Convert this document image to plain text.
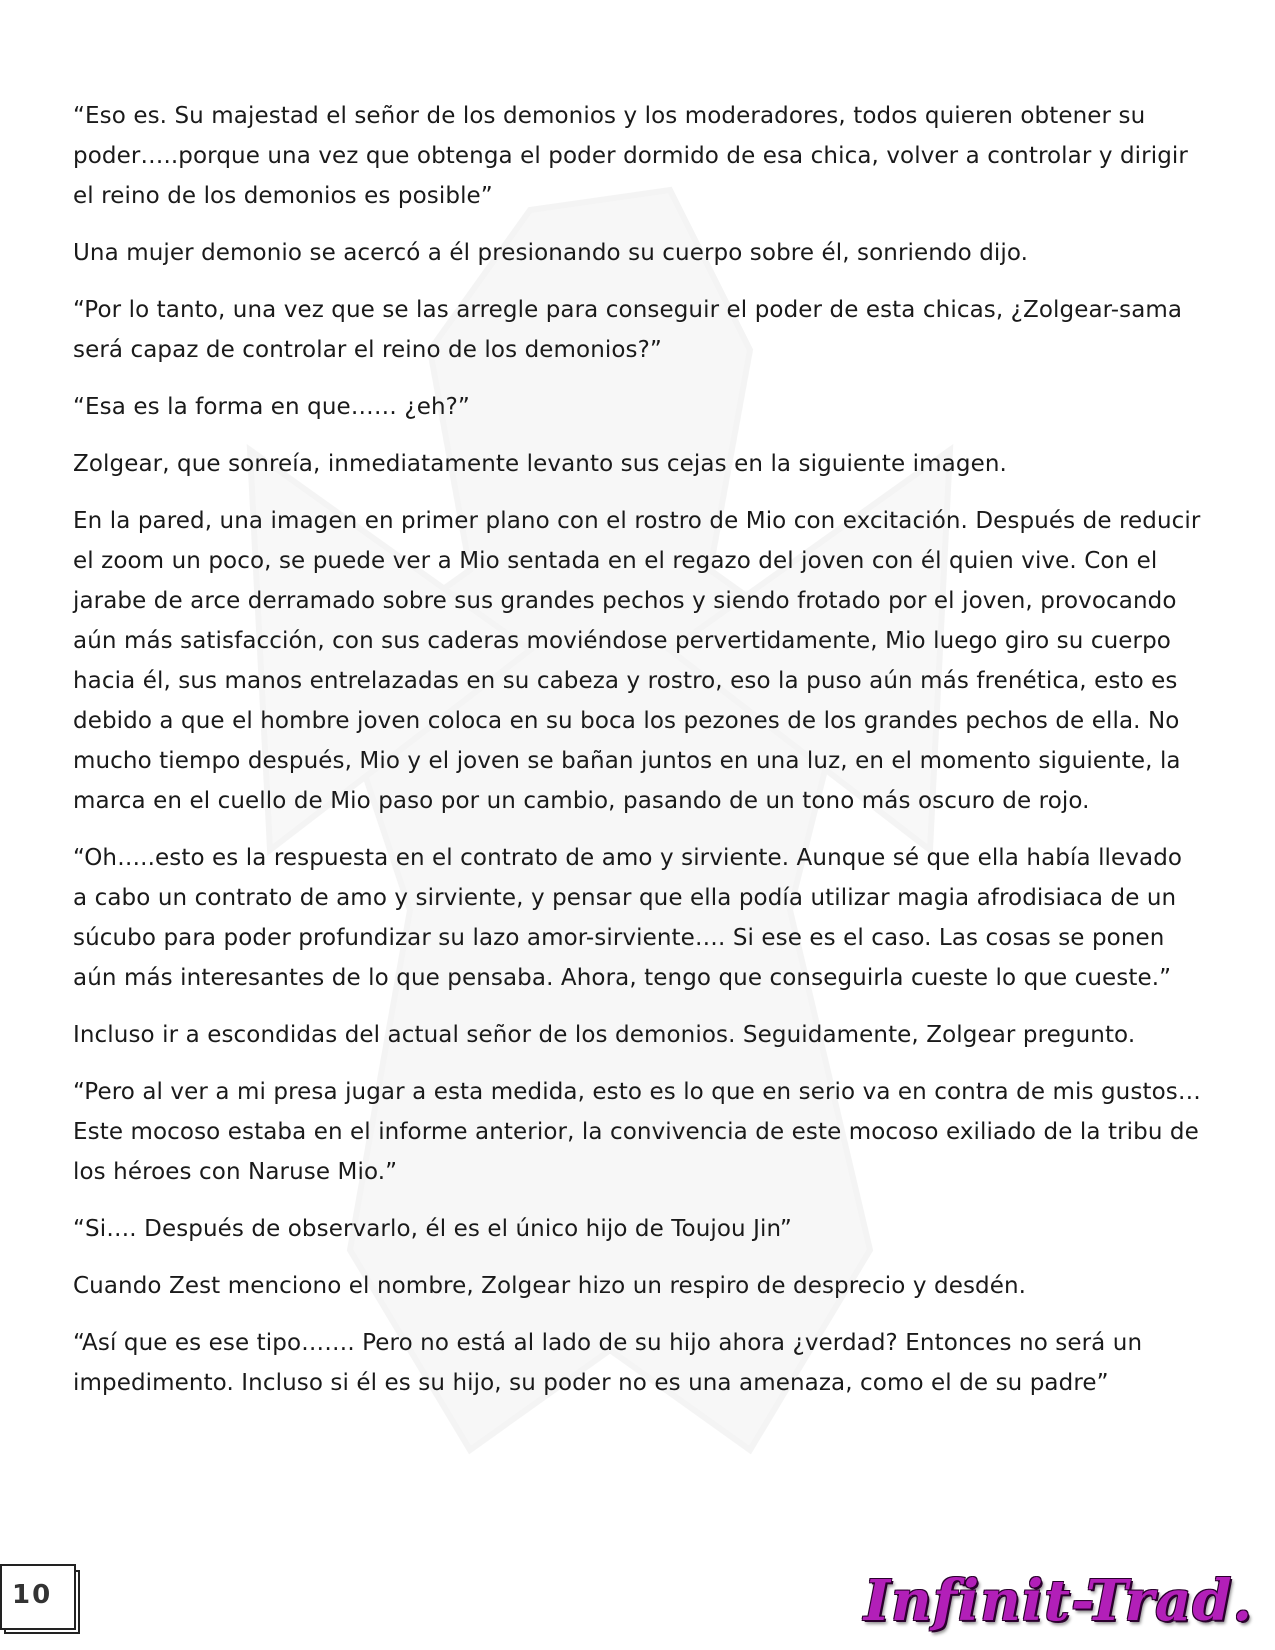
“Eso es. Su majestad el señor de los demonios y los moderadores, todos quieren obtener su poder…..porque una vez que obtenga el poder dormido de esa chica, volver a controlar y dirigir el reino de los demonios es posible”

Una mujer demonio se acercó a él presionando su cuerpo sobre él, sonriendo dijo.

“Por lo tanto, una vez que se las arregle para conseguir el poder de esta chicas, ¿Zolgear-sama será capaz de controlar el reino de los demonios?”

“Esa es la forma en que…… ¿eh?”

Zolgear, que sonreía, inmediatamente levanto sus cejas en la siguiente imagen.

En la pared, una imagen en primer plano con el rostro de Mio con excitación. Después de reducir el zoom un poco, se puede ver a Mio sentada en el regazo del joven con él quien vive. Con el jarabe de arce derramado sobre sus grandes pechos y siendo frotado por el joven, provocando aún más satisfacción, con sus caderas moviéndose pervertidamente, Mio luego giro su cuerpo hacia él, sus manos entrelazadas en su cabeza y rostro, eso la puso aún más frenética, esto es debido a que el hombre joven coloca en su boca los pezones de los grandes pechos de ella. No mucho tiempo después, Mio y el joven se bañan juntos en una luz, en el momento siguiente, la marca en el cuello de Mio paso por un cambio, pasando de un tono más oscuro de rojo.

“Oh…..esto es la respuesta en el contrato de amo y sirviente. Aunque sé que ella había llevado a cabo un contrato de amo y sirviente, y pensar que ella podía utilizar magia afrodisiaca de un súcubo para poder profundizar su lazo amor-sirviente…. Si ese es el caso. Las cosas se ponen aún más interesantes de lo que pensaba. Ahora, tengo que conseguirla cueste lo que cueste.”

Incluso ir a escondidas del actual señor de los demonios. Seguidamente, Zolgear pregunto.

“Pero al ver a mi presa jugar a esta medida, esto es lo que en serio va en contra de mis gustos… Este mocoso estaba en el informe anterior, la convivencia de este mocoso exiliado de la tribu de los héroes con Naruse Mio.”

“Si…. Después de observarlo, él es el único hijo de Toujou Jin”

Cuando Zest menciono el nombre, Zolgear hizo un respiro de desprecio y desdén.

“Así que es ese tipo……. Pero no está al lado de su hijo ahora ¿verdad? Entonces no será un impedimento. Incluso si él es su hijo, su poder no es una amenaza, como el de su padre”

10	Infinit-Trad.
